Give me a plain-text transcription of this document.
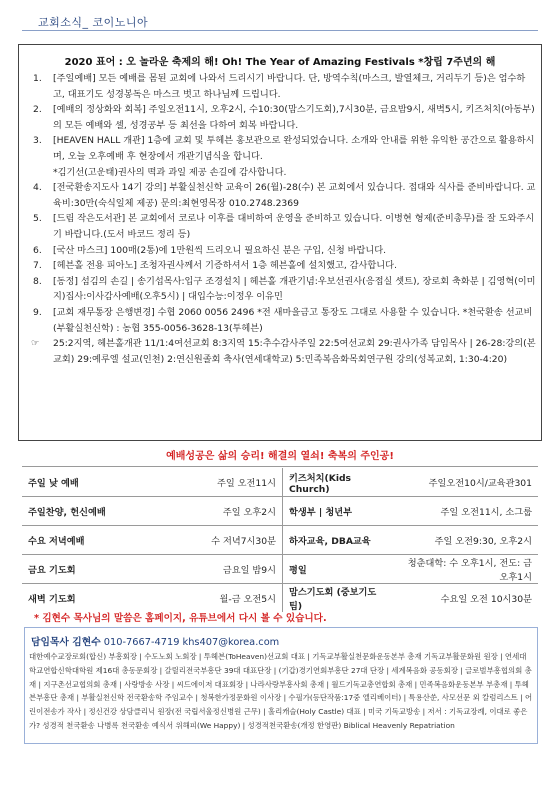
교회소식_ 코이노니아
2020 표어 : 오 놀라운 축제의 해! Oh! The Year of Amazing Festivals *창립 7주년의 해
1. [주일예배] 모든 예배를 몸된 교회에 나와서 드리시기 바랍니다. 단, 방역수칙(마스크, 발열체크, 거리두기 등)은 엄수하고, 대표기도 성경봉독은 마스크 벗고 하나님께 드립니다.

2. [예배의 정상화와 회복] 주일오전11시, 오후2시, 수10:30(맘스기도회),7시30분, 금요밤9시, 새벽5시, 키즈처치(아동부)의 모든 예배와 셀, 성경공부 등 최선을 다하여 회복 바랍니다.

3. [HEAVEN HALL 개관] 1층에 교회 및 투헤븐 홍보관으로 완성되었습니다. 소개와 안내를 위한 유익한 공간으로 활용하시며, 오늘 오후예배 후 현장에서 개관기념식을 합니다.

*김기선(고운태)권사의 떡과 과일 제공 손길에 감사합니다.
4. [전국환송지도사 14기 강의] 부활실천신학 교육이 26(월)-28(수) 본 교회에서 있습니다. 접대와 식사를 준비바랍니다. 교육비:30만(숙식일체 제공) 문의:최현영목장 010.2748.2369

5. [드림 작은도서관] 본 교회에서 코로나 이후를 대비하여 운영을 준비하고 있습니다. 이병현 형제(준비총무)를 잘 도와주시기 바랍니다.(도서 바코드 정리 등)

6. [국산 마스크] 100매(2통)에 1만원씩 드리오니 필요하신 분은 구입, 신청 바랍니다.

7. [헤븐홀 전용 피아노] 조청자권사께서 기증하셔서 1층 헤븐홀에 설치했고, 감사합니다.

8. [동정] 섬김의 손길 | 송기섭목사:입구 조경설치 | 헤븐홀 개관기념:우보선권사(응접실 셋트), 장로회 축화분 | 김영혁(이미지)집사:이사감사예배(오후5시) | 대입수능:이정우 이유민

9. [교회 재무통장 은행변경] 수협 2060 0056 2496 *전 새마을금고 통장도 그대로 사용할 수 있습니다. *천국환송 선교비(부활실천신학) : 농협 355-0056-3628-13(투헤븐)

☞ 25:2지역, 헤븐홀개관 11/1:4여선교회 8:3지역 15:추수감사주일 22:5여선교회 29:권사가족 담임목사 | 26-28:강의(본교회) 29:예루엘 설교(인천) 2:연신원졸회 축사(연세대학교) 5:민족복음화목회연구원 강의(성복교회, 1:30-4:20)
예배성공은 삶의 승리! 해결의 열쇠! 축복의 주인공!
주일 낮 예배	주일 오전11시	키즈처치(Kids Church)	주일오전10시/교육관301
주일찬양, 헌신예배	주일 오후2시	학생부 | 청년부	주일 오전11시, 소그룹
수요 저녁예배	수 저녁7시30분	하자교육, DBA교육	주일 오전9:30, 오후2시
금요 기도회	금요일 밤9시	평일	청춘대학: 수 오후1시, 전도: 금 오후1시
새벽 기도회	월-금 오전5시	맘스기도회 (중보기도팀)	수요일 오전 10시30분
* 김현수 목사님의 말씀은 홈페이지, 유튜브에서 다시 볼 수 있습니다.
담임목사 김현수 010-7667-4719 khs407@korea.com
대한예수교장로회(합신) 부흥회장 | 수도노회 노회장 | 투헤븐(ToHeaven)선교회 대표 | 기독교부활실천문화운동본부 총재 기독교부활문화원 원장 | 연세대학교연합신학대학원 제16대 총동문회장 | 갈릴리전국부흥단 39대 대표단장 | (기갑)경기연회부흥단 27대 단장 | 세계복음화 공동회장 | 글로벌부흥협의회 총재 | 지구촌선교협의회 총재 | 사랑방송 사장 | 씨드에이저 대표회장 | 나라사랑부흥사회 총재 | 월드기독교총연합회 총재 | 민족복음화운동본부 부총재 | 투헤븐부흥단 총재 | 부활실천신학 전국환송학 주임교수 | 청복한가정문화원 이사장 | 수필가(등단작품:17중 엘리베이터) | 특용산쑨, 사모선문 외 칼럼리스트 | 어린이전송가 작사 | 정신건강 상담클리닉 원장(전 국립서울정신병원 근무) | 홀리캐슬(Holy Castle) 대표 | 미국 기독교방송 | 저서 : 기독교장례, 이대로 좋은가? 성경적 천국환송 나병록 천국환송 예식서 위해피(We Happy) | 성경적천국환송(개정 한영판) Biblical Heavenly Repatriation
